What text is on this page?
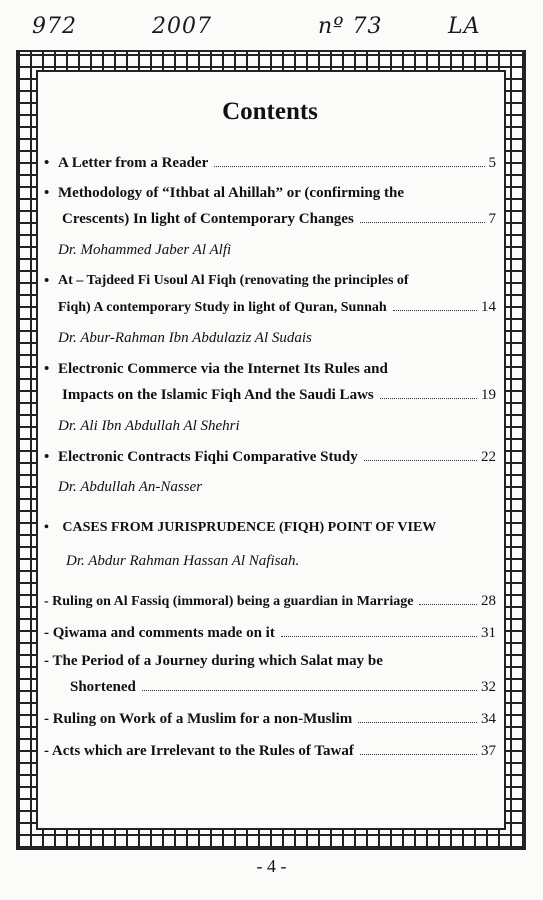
972	2007	nº 73	LA
Contents
• A Letter from a Reader	5
• Methodology of “Ithbat al Ahillah” or (confirming the
Crescents) In light of Contemporary Changes	7
Dr. Mohammed Jaber Al Alfi
• At – Tajdeed Fi Usoul Al Fiqh (renovating the principles of
Fiqh) A contemporary Study in light of Quran, Sunnah	14
Dr. Abur-Rahman Ibn Abdulaziz Al Sudais
• Electronic Commerce via the Internet Its Rules and
Impacts on the Islamic Fiqh And the Saudi Laws	19
Dr. Ali Ibn Abdullah Al Shehri
• Electronic Contracts Fiqhi Comparative Study	22
Dr. Abdullah An-Nasser
• CASES FROM JURISPRUDENCE (FIQH) POINT OF VIEW
Dr. Abdur Rahman Hassan Al Nafisah.
- Ruling on Al Fassiq (immoral) being a guardian in Marriage	28
- Qiwama and comments made on it	31
- The Period of a Journey during which Salat may be
Shortened	32
- Ruling on Work of a Muslim for a non-Muslim	34
- Acts which are Irrelevant to the Rules of Tawaf	37
- 4 -
